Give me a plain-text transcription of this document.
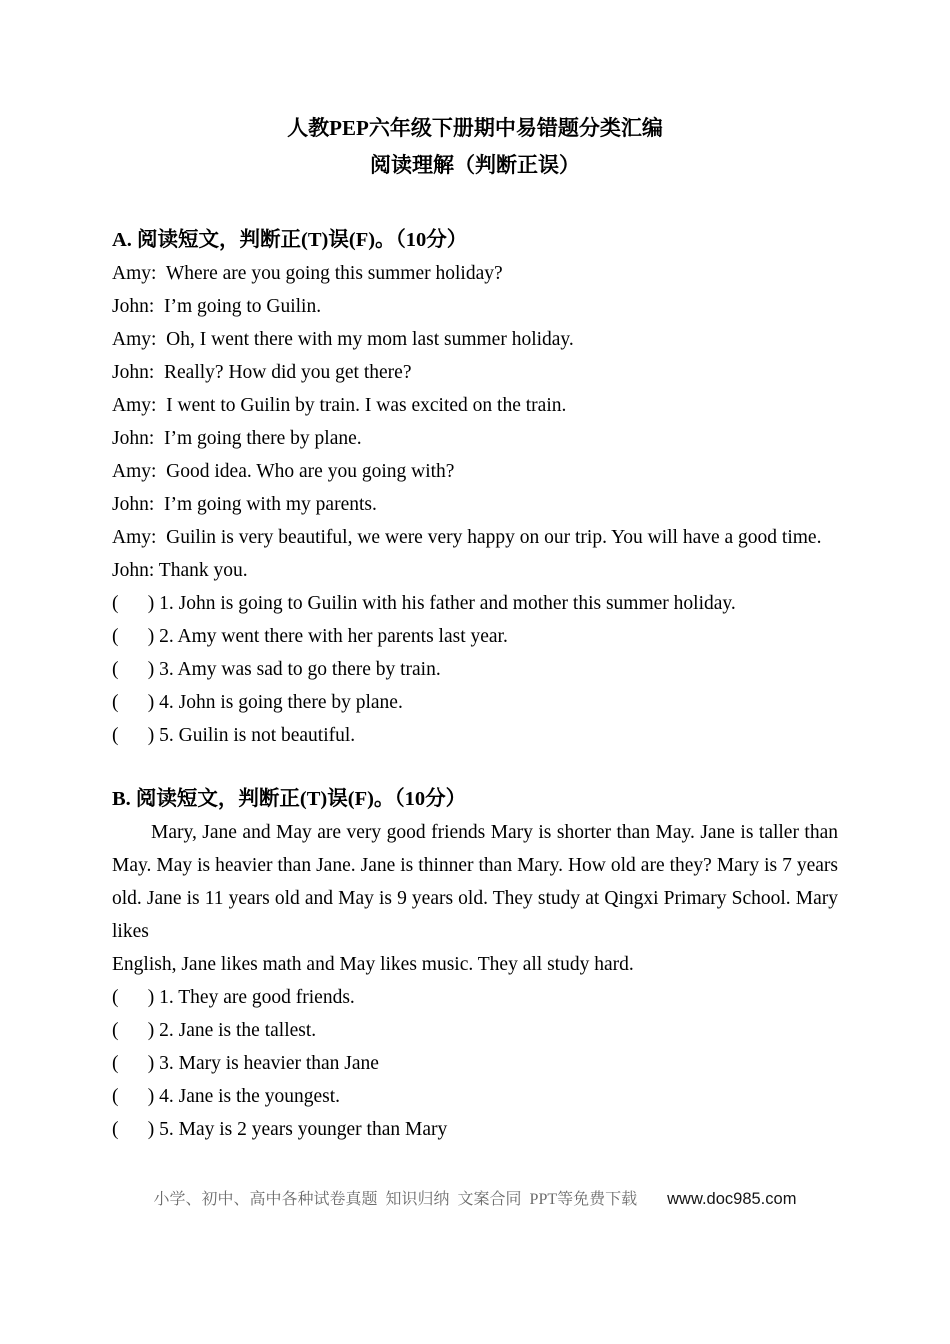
人教PEP六年级下册期中易错题分类汇编
阅读理解（判断正误）
A. 阅读短文，判断正(T)误(F)。（10分）
Amy:  Where are you going this summer holiday?
John:  I’m going to Guilin.
Amy:  Oh, I went there with my mom last summer holiday.
John:  Really? How did you get there?
Amy:  I went to Guilin by train. I was excited on the train.
John:  I’m going there by plane.
Amy:  Good idea. Who are you going with?
John:  I’m going with my parents.
Amy:  Guilin is very beautiful, we were very happy on our trip. You will have a good time.
John: Thank you.
(      ) 1. John is going to Guilin with his father and mother this summer holiday.
(      ) 2. Amy went there with her parents last year.
(      ) 3. Amy was sad to go there by train.
(      ) 4. John is going there by plane.
(      ) 5. Guilin is not beautiful.
B. 阅读短文，判断正(T)误(F)。（10分）
Mary, Jane and May are very good friends Mary is shorter than May. Jane is taller than
May. May is heavier than Jane. Jane is thinner than Mary. How old are they? Mary is 7 years
old. Jane is 11 years old and May is 9 years old. They study at Qingxi Primary School. Mary
likes
English, Jane likes math and May likes music. They all study hard.
(      ) 1. They are good friends.
(      ) 2. Jane is the tallest.
(      ) 3. Mary is heavier than Jane
(      ) 4. Jane is the youngest.
(      ) 5. May is 2 years younger than Mary
小学、初中、高中各种试卷真题  知识归纳  文案合同  PPT等免费下载 www.doc985.com
